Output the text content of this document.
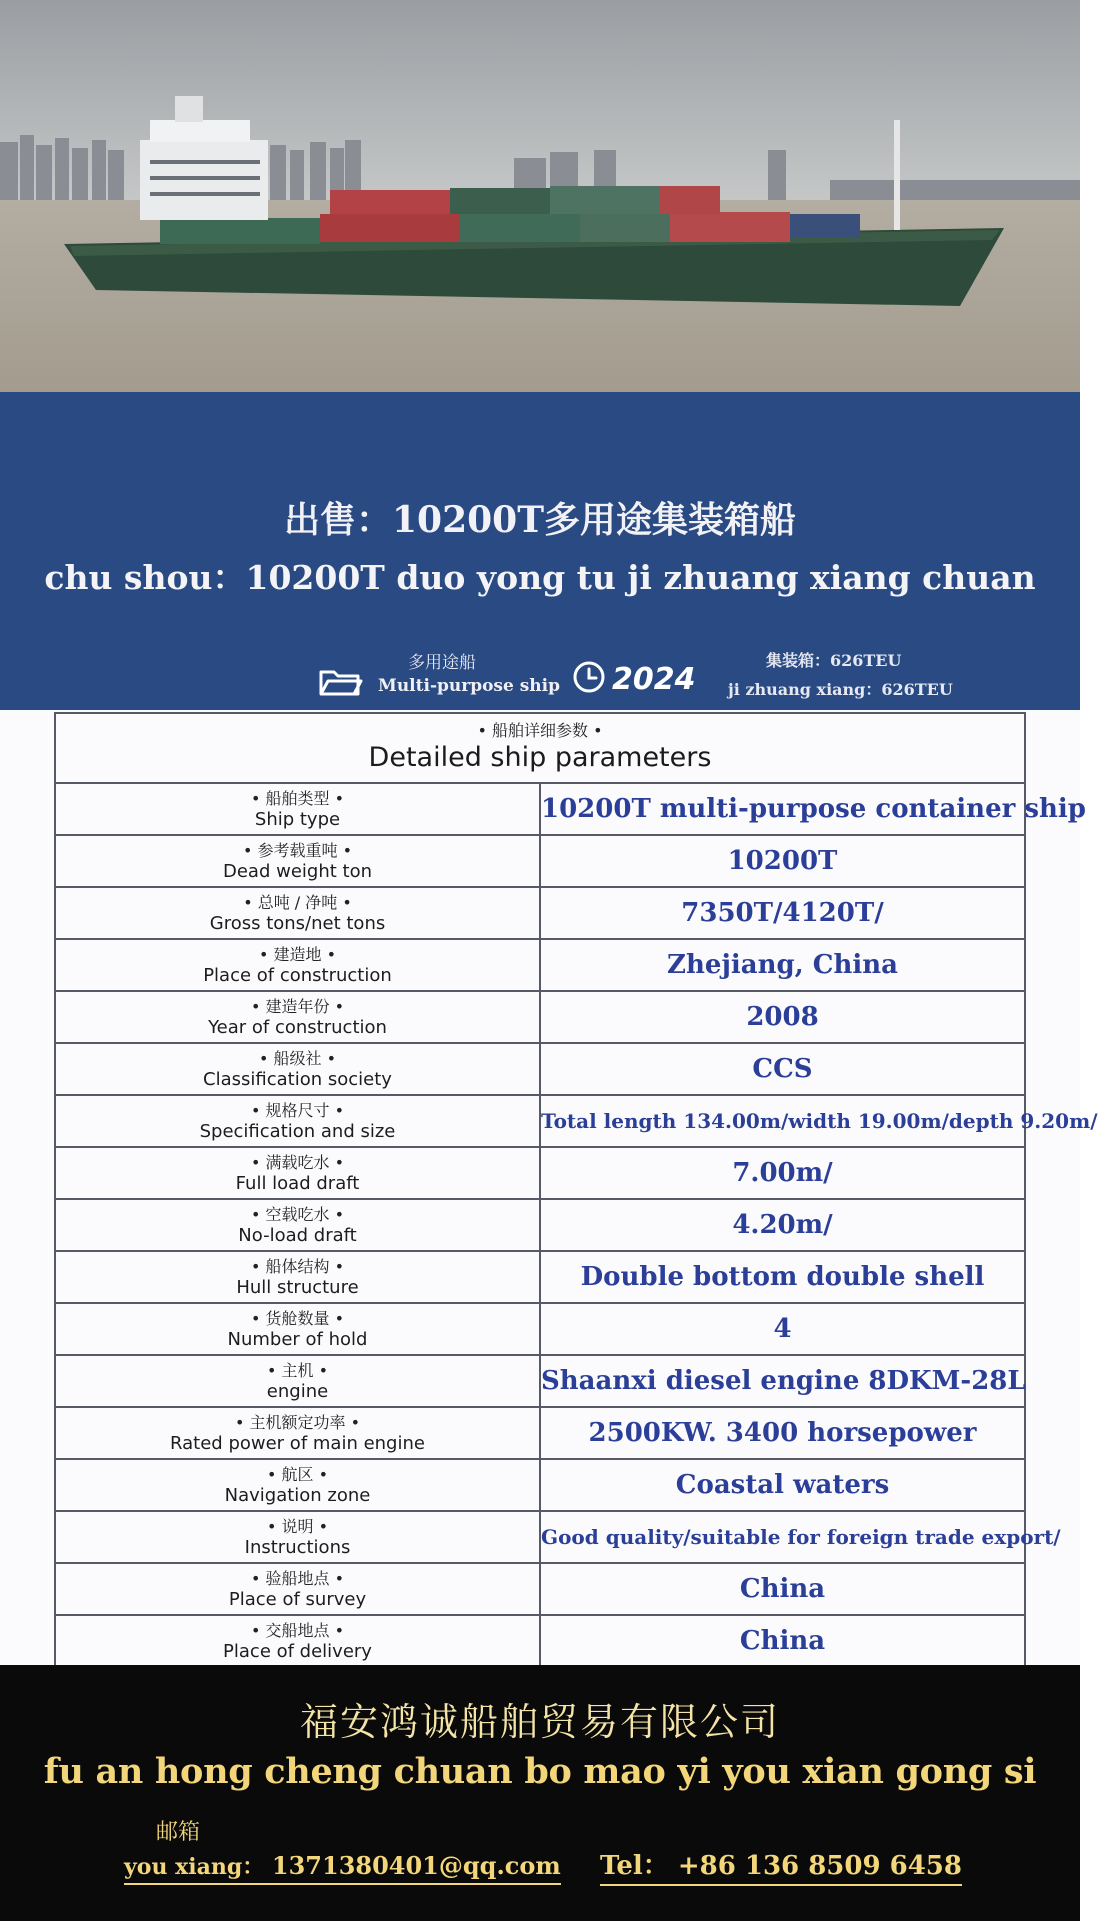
出售：10200T多用途集装箱船
chu shou：10200T duo yong tu ji zhuang xiang chuan
多用途船
Multi-purpose ship 2024
集装箱：626TEU
ji zhuang xiang：626TEU
• 船舶详细参数 •
Detailed ship parameters	

• 船舶类型 •
Ship type	10200T multi-purpose container ship

• 参考载重吨 •
Dead weight ton	10200T

• 总吨 / 净吨 •
Gross tons/net tons	7350T/4120T/

• 建造地 •
Place of construction	Zhejiang, China

• 建造年份 •
Year of construction	2008

• 船级社 •
Classification society	CCS

• 规格尺寸 •
Specification and size	Total length 134.00m/width 19.00m/depth 9.20m/

• 满载吃水 •
Full load draft	7.00m/

• 空载吃水 •
No-load draft	4.20m/

• 船体结构 •
Hull structure	Double bottom double shell

• 货舱数量 •
Number of hold	4

• 主机 •
engine	Shaanxi diesel engine 8DKM-28L

• 主机额定功率 •
Rated power of main engine	2500KW. 3400 horsepower

• 航区 •
Navigation zone	Coastal waters

• 说明 •
Instructions	Good quality/suitable for foreign trade export/

• 验船地点 •
Place of survey	China

• 交船地点 •
Place of delivery	China
福安鸿诚船舶贸易有限公司
fu an hong cheng chuan bo mao yi you xian gong si
邮箱
you xiang： 1371380401@qq.com Tel： +86 136 8509 6458
